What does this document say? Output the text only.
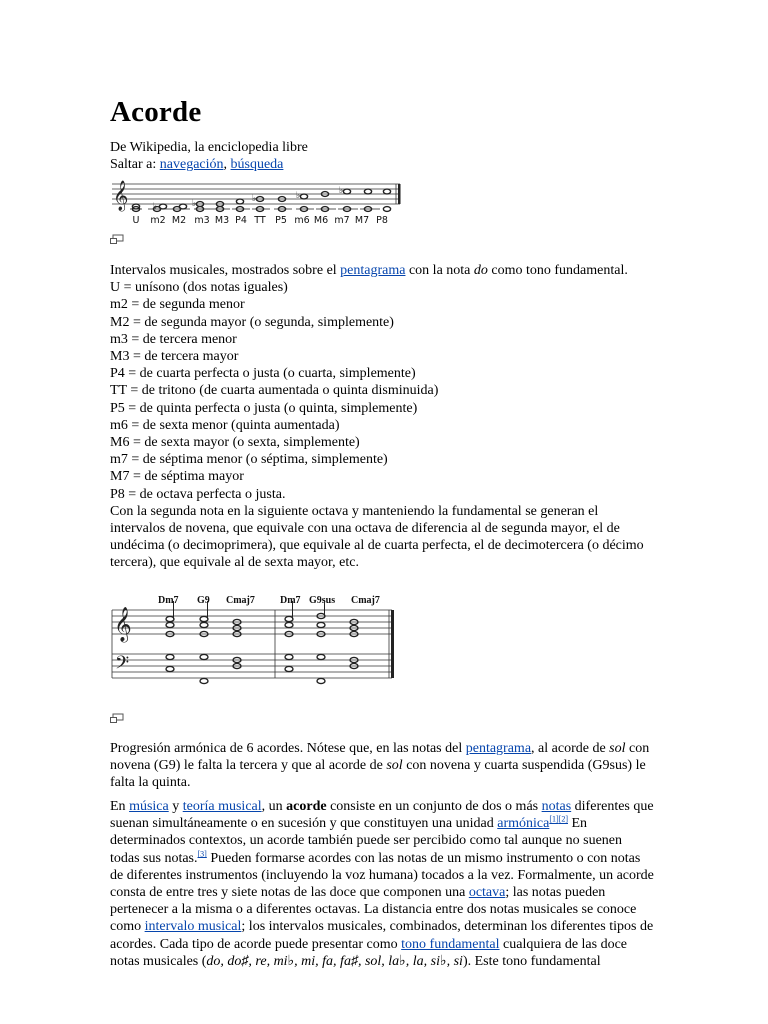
Acorde
De Wikipedia, la enciclopedia libre
Saltar a: navegación, búsqueda
𝄞	♭	♭	♭	♭	♭
U m2 M2 m3 M3 P4 TT P5 m6 M6 m7 M7 P8
Intervalos musicales, mostrados sobre el pentagrama con la nota do como tono fundamental.
U = unísono (dos notas iguales)
m2 = de segunda menor
M2 = de segunda mayor (o segunda, simplemente)
m3 = de tercera menor
M3 = de tercera mayor
P4 = de cuarta perfecta o justa (o cuarta, simplemente)
TT = de tritono (de cuarta aumentada o quinta disminuida)
P5 = de quinta perfecta o justa (o quinta, simplemente)
m6 = de sexta menor (quinta aumentada)
M6 = de sexta mayor (o sexta, simplemente)
m7 = de séptima menor (o séptima, simplemente)
M7 = de séptima mayor
P8 = de octava perfecta o justa.
Con la segunda nota en la siguiente octava y manteniendo la fundamental se generan el intervalos de novena, que equivale con una octava de diferencia al de segunda mayor, el de undécima (o decimoprimera), que equivale al de cuarta perfecta, el de decimotercera (o décimo tercera), que equivale al de sexta mayor, etc.
Dm7 G9 Cmaj7	Dm7 G9sus Cmaj7
𝄞
𝄢
Progresión armónica de 6 acordes. Nótese que, en las notas del pentagrama, al acorde de sol con novena (G9) le falta la tercera y que al acorde de sol con novena y cuarta suspendida (G9sus) le falta la quinta.
En música y teoría musical, un acorde consiste en un conjunto de dos o más notas diferentes que suenan simultáneamente o en sucesión y que constituyen una unidad armónica[1][2] En determinados contextos, un acorde también puede ser percibido como tal aunque no suenen todas sus notas.[3] Pueden formarse acordes con las notas de un mismo instrumento o con notas de diferentes instrumentos (incluyendo la voz humana) tocados a la vez. Formalmente, un acorde consta de entre tres y siete notas de las doce que componen una octava; las notas pueden pertenecer a la misma o a diferentes octavas. La distancia entre dos notas musicales se conoce como intervalo musical; los intervalos musicales, combinados, determinan los diferentes tipos de acordes. Cada tipo de acorde puede presentar como tono fundamental cualquiera de las doce notas musicales (do, do♯, re, mi♭, mi, fa, fa♯, sol, la♭, la, si♭, si). Este tono fundamental
